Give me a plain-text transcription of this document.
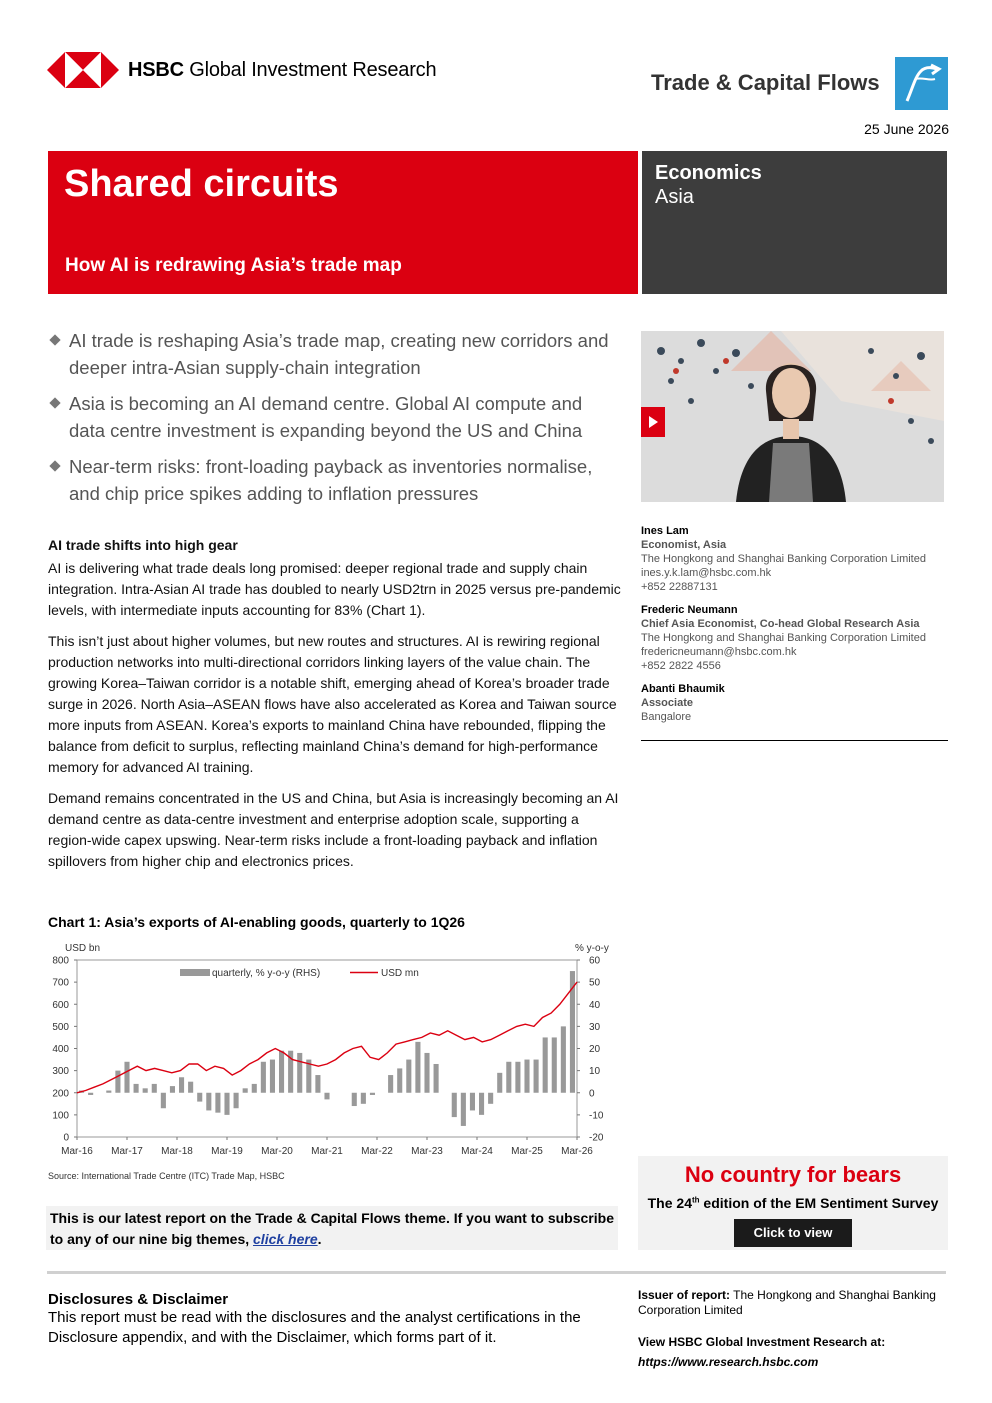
HSBC Global Investment Research	Trade & Capital Flows
25 June 2026
Shared circuits
How AI is redrawing Asia’s trade map
Economics
Asia
AI trade is reshaping Asia’s trade map, creating new corridors and deeper intra-Asian supply-chain integration
Asia is becoming an AI demand centre. Global AI compute and data centre investment is expanding beyond the US and China
Near-term risks: front-loading payback as inventories normalise, and chip price spikes adding to inflation pressures
Ines Lam
Economist, Asia
The Hongkong and Shanghai Banking Corporation Limited
ines.y.k.lam@hsbc.com.hk
+852 22887131
Frederic Neumann
Chief Asia Economist, Co-head Global Research Asia
The Hongkong and Shanghai Banking Corporation Limited
fredericneumann@hsbc.com.hk
+852 2822 4556
Abanti Bhaumik
Associate
Bangalore
AI trade shifts into high gear

AI is delivering what trade deals long promised: deeper regional trade and supply chain integration. Intra-Asian AI trade has doubled to nearly USD2trn in 2025 versus pre-pandemic levels, with intermediate inputs accounting for 83% (Chart 1).

This isn’t just about higher volumes, but new routes and structures. AI is rewiring regional production networks into multi-directional corridors linking layers of the value chain. The growing Korea–Taiwan corridor is a notable shift, emerging ahead of Korea’s broader trade surge in 2026. North Asia–ASEAN flows have also accelerated as Korea and Taiwan source more inputs from ASEAN. Korea’s exports to mainland China have rebounded, flipping the balance from deficit to surplus, reflecting mainland China’s demand for high-performance memory for advanced AI training.

Demand remains concentrated in the US and China, but Asia is increasingly becoming an AI demand centre as data-centre investment and enterprise adoption scale, supporting a region-wide capex upswing. Near-term risks include a front-loading payback and inflation spillovers from higher chip and electronics prices.

Chart 1: Asia’s exports of AI-enabling goods, quarterly to 1Q26
USD bn	% y-o-y
0
100
200
300
400
500
600
700
800
-20
-10
0
10
20
30
40
50
60
Mar-16 Mar-17 Mar-18 Mar-19 Mar-20 Mar-21 Mar-22 Mar-23 Mar-24 Mar-25 Mar-26
quarterly, % y-o-y (RHS)	USD mn
Source: International Trade Centre (ITC) Trade Map, HSBC
This is our latest report on the Trade & Capital Flows theme. If you want to subscribe to any of our nine big themes, click here.
No country for bears
The 24th edition of the EM Sentiment Survey
Click to view
Disclosures & Disclaimer
This report must be read with the disclosures and the analyst certifications in the Disclosure appendix, and with the Disclaimer, which forms part of it.
Issuer of report: The Hongkong and Shanghai Banking Corporation Limited
View HSBC Global Investment Research at:
https://www.research.hsbc.com
